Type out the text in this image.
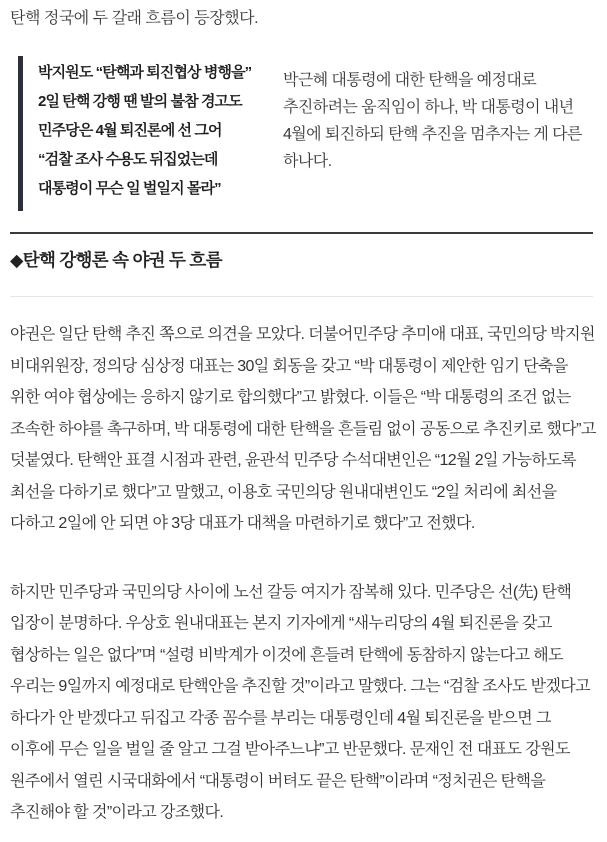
탄핵 정국에 두 갈래 흐름이 등장했다.

박지원도 “탄핵과 퇴진협상 병행을”
2일 탄핵 강행 땐 발의 불참 경고도
민주당은 4월 퇴진론에 선 그어
“검찰 조사 수용도 뒤집었는데
대통령이 무슨 일 벌일지 몰라”

박근혜 대통령에 대한 탄핵을 예정대로 추진하려는 움직임이 하나, 박 대통령이 내년 4월에 퇴진하되 탄핵 추진을 멈추자는 게 다른 하나다.

◆탄핵 강행론 속 야권 두 흐름

야권은 일단 탄핵 추진 쪽으로 의견을 모았다. 더불어민주당 추미애 대표, 국민의당 박지원 비대위원장, 정의당 심상정 대표는 30일 회동을 갖고 “박 대통령이 제안한 임기 단축을 위한 여야 협상에는 응하지 않기로 합의했다”고 밝혔다. 이들은 “박 대통령의 조건 없는 조속한 하야를 촉구하며, 박 대통령에 대한 탄핵을 흔들림 없이 공동으로 추진키로 했다”고 덧붙였다. 탄핵안 표결 시점과 관련, 윤관석 민주당 수석대변인은 “12월 2일 가능하도록 최선을 다하기로 했다”고 말했고, 이용호 국민의당 원내대변인도 “2일 처리에 최선을 다하고 2일에 안 되면 야 3당 대표가 대책을 마련하기로 했다”고 전했다.

하지만 민주당과 국민의당 사이에 노선 갈등 여지가 잠복해 있다. 민주당은 선(先) 탄핵 입장이 분명하다. 우상호 원내대표는 본지 기자에게 “새누리당의 4월 퇴진론을 갖고 협상하는 일은 없다”며 “설령 비박계가 이것에 흔들려 탄핵에 동참하지 않는다고 해도 우리는 9일까지 예정대로 탄핵안을 추진할 것”이라고 말했다. 그는 “검찰 조사도 받겠다고 하다가 안 받겠다고 뒤집고 각종 꼼수를 부리는 대통령인데 4월 퇴진론을 받으면 그 이후에 무슨 일을 벌일 줄 알고 그걸 받아주느냐”고 반문했다. 문재인 전 대표도 강원도 원주에서 열린 시국대화에서 “대통령이 버텨도 끝은 탄핵”이라며 “정치권은 탄핵을 추진해야 할 것”이라고 강조했다.
